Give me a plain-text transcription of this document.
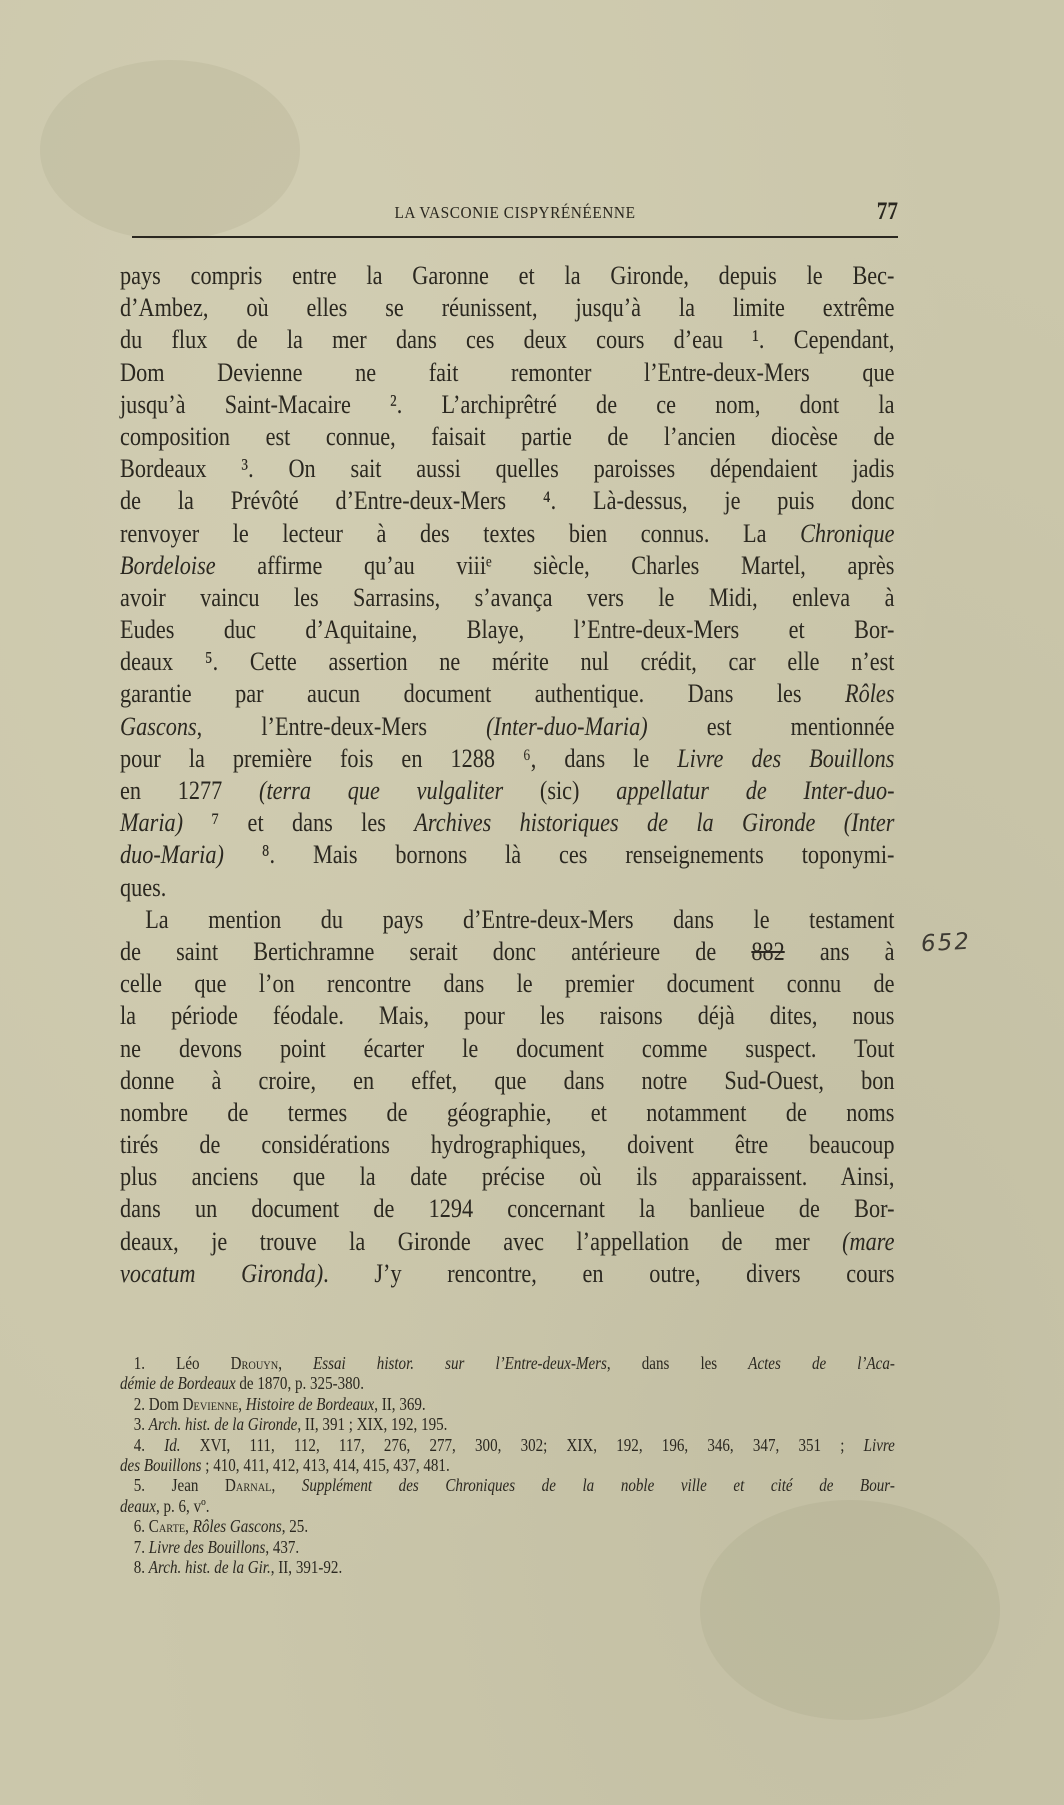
LA VASCONIE CISPYRÉNÉENNE	77
pays compris entre la Garonne et la Gironde, depuis le Bec-
d’Ambez, où elles se réunissent, jusqu’à la limite extrême
du flux de la mer dans ces deux cours d’eau ¹. Cependant,
Dom Devienne ne fait remonter l’Entre-deux-Mers que
jusqu’à Saint-Macaire ². L’archiprêtré de ce nom, dont la
composition est connue, faisait partie de l’ancien diocèse de
Bordeaux ³. On sait aussi quelles paroisses dépendaient jadis
de la Prévôté d’Entre-deux-Mers ⁴. Là-dessus, je puis donc
renvoyer le lecteur à des textes bien connus. La Chronique
Bordeloise affirme qu’au viiiᵉ siècle, Charles Martel, après
avoir vaincu les Sarrasins, s’avança vers le Midi, enleva à
Eudes duc d’Aquitaine, Blaye, l’Entre-deux-Mers et Bor-
deaux ⁵. Cette assertion ne mérite nul crédit, car elle n’est
garantie par aucun document authentique. Dans les Rôles
Gascons, l’Entre-deux-Mers (Inter-duo-Maria) est mentionnée
pour la première fois en 1288 ⁶, dans le Livre des Bouillons
en 1277 (terra que vulgaliter (sic) appellatur de Inter-duo-
Maria) ⁷ et dans les Archives historiques de la Gironde (Inter
duo-Maria) ⁸. Mais bornons là ces renseignements toponymi-
ques.
La mention du pays d’Entre-deux-Mers dans le testament
de saint Bertichramne serait donc antérieure de 882 ans à
celle que l’on rencontre dans le premier document connu de
la période féodale. Mais, pour les raisons déjà dites, nous
ne devons point écarter le document comme suspect. Tout
donne à croire, en effet, que dans notre Sud-Ouest, bon
nombre de termes de géographie, et notamment de noms
tirés de considérations hydrographiques, doivent être beaucoup
plus anciens que la date précise où ils apparaissent. Ainsi,
dans un document de 1294 concernant la banlieue de Bor-
deaux, je trouve la Gironde avec l’appellation de mer (mare
vocatum Gironda). J’y rencontre, en outre, divers cours
652
1. Léo Drouyn, Essai histor. sur l’Entre-deux-Mers, dans les Actes de l’Aca-
démie de Bordeaux de 1870, p. 325-380.
2. Dom Devienne, Histoire de Bordeaux, II, 369.
3. Arch. hist. de la Gironde, II, 391 ; XIX, 192, 195.
4. Id. XVI, 111, 112, 117, 276, 277, 300, 302; XIX, 192, 196, 346, 347, 351 ; Livre
des Bouillons ; 410, 411, 412, 413, 414, 415, 437, 481.
5. Jean Darnal, Supplément des Chroniques de la noble ville et cité de Bour-
deaux, p. 6, vº.
6. Carte, Rôles Gascons, 25.
7. Livre des Bouillons, 437.
8. Arch. hist. de la Gir., II, 391-92.
